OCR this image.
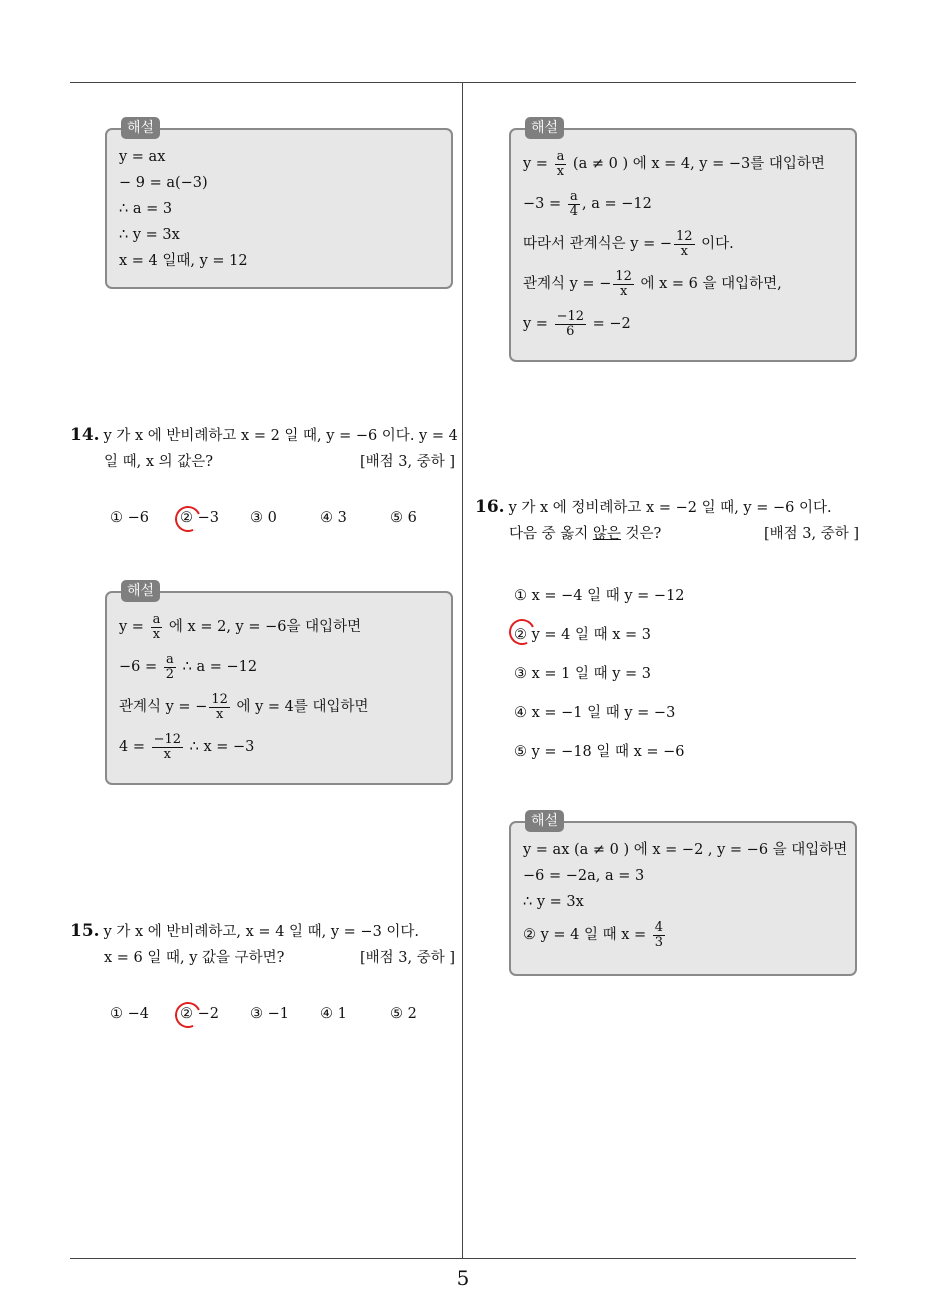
5
해설
y = ax
− 9 = a(−3)
∴ a = 3
∴ y = 3x
x = 4 일때, y = 12
해설
$y = \frac{a}{x} (a \ne 0$ ) 에 x = 4, y = −3를 대입하면
$-3 = \frac{a}{4}$ , a = −12
따라서 관계식은 y = − $\frac{12}{x}$ 이다.
관계식 y = − $\frac{12}{x}$ 에 x = 6 을 대입하면,
$y = \frac{-12}{6} = -2$
14. y 가 x 에 반비례하고 x = 2 일 때, y = −6 이다. y = 4
일 때, x 의 값은?	[배점 3, 중하 ]
① −6 ② −3 ③ 0	④ 3	⑤ 6
해설
$y = \frac{a}{x}$ 에 x = 2, y = −6을 대입하면
$-6 = \frac{a}{2}$ ∴ a = −12
관계식 y = − $\frac{12}{x}$ 에 y = 4를 대입하면
$4 = \frac{-12}{x}$ ∴ x = −3
15. y 가 x 에 반비례하고, x = 4 일 때, y = −3 이다.
x = 6 일 때, y 값을 구하면?	[배점 3, 중하 ]
① −4 ② −2 ③ −1 ④ 1	⑤ 2
16. y 가 x 에 정비례하고 x = −2 일 때, y = −6 이다.
다음 중 옳지 않은 것은?	[배점 3, 중하 ]
① x = −4 일 때 y = −12
② y = 4 일 때 x = 3
③ x = 1 일 때 y = 3
④ x = −1 일 때 y = −3
⑤ y = −18 일 때 x = −6
해설
y = ax (a ≠ 0 ) 에 x = −2 , y = −6 을 대입하면
−6 = −2a, a = 3
∴ y = 3x
② y = 4 일 때 $x = \frac{4}{3}$
